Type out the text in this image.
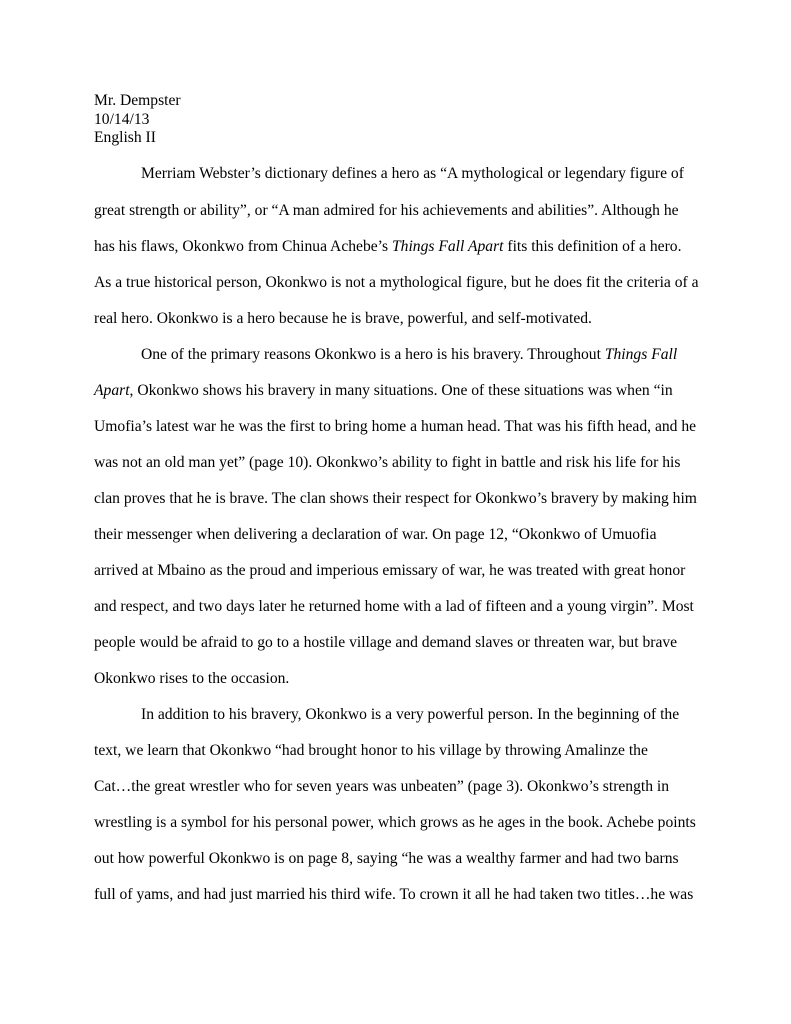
Mr. Dempster
10/14/13
English II
Merriam Webster’s dictionary defines a hero as “A mythological or legendary figure of
great strength or ability”, or “A man admired for his achievements and abilities”. Although he
has his flaws, Okonkwo from Chinua Achebe’s Things Fall Apart fits this definition of a hero.
As a true historical person, Okonkwo is not a mythological figure, but he does fit the criteria of a
real hero. Okonkwo is a hero because he is brave, powerful, and self-motivated.
One of the primary reasons Okonkwo is a hero is his bravery. Throughout Things Fall
Apart, Okonkwo shows his bravery in many situations. One of these situations was when “in
Umofia’s latest war he was the first to bring home a human head. That was his fifth head, and he
was not an old man yet” (page 10). Okonkwo’s ability to fight in battle and risk his life for his
clan proves that he is brave. The clan shows their respect for Okonkwo’s bravery by making him
their messenger when delivering a declaration of war. On page 12, “Okonkwo of Umuofia
arrived at Mbaino as the proud and imperious emissary of war, he was treated with great honor
and respect, and two days later he returned home with a lad of fifteen and a young virgin”. Most
people would be afraid to go to a hostile village and demand slaves or threaten war, but brave
Okonkwo rises to the occasion.
In addition to his bravery, Okonkwo is a very powerful person. In the beginning of the
text, we learn that Okonkwo “had brought honor to his village by throwing Amalinze the
Cat…the great wrestler who for seven years was unbeaten” (page 3). Okonkwo’s strength in
wrestling is a symbol for his personal power, which grows as he ages in the book. Achebe points
out how powerful Okonkwo is on page 8, saying “he was a wealthy farmer and had two barns
full of yams, and had just married his third wife. To crown it all he had taken two titles…he was
